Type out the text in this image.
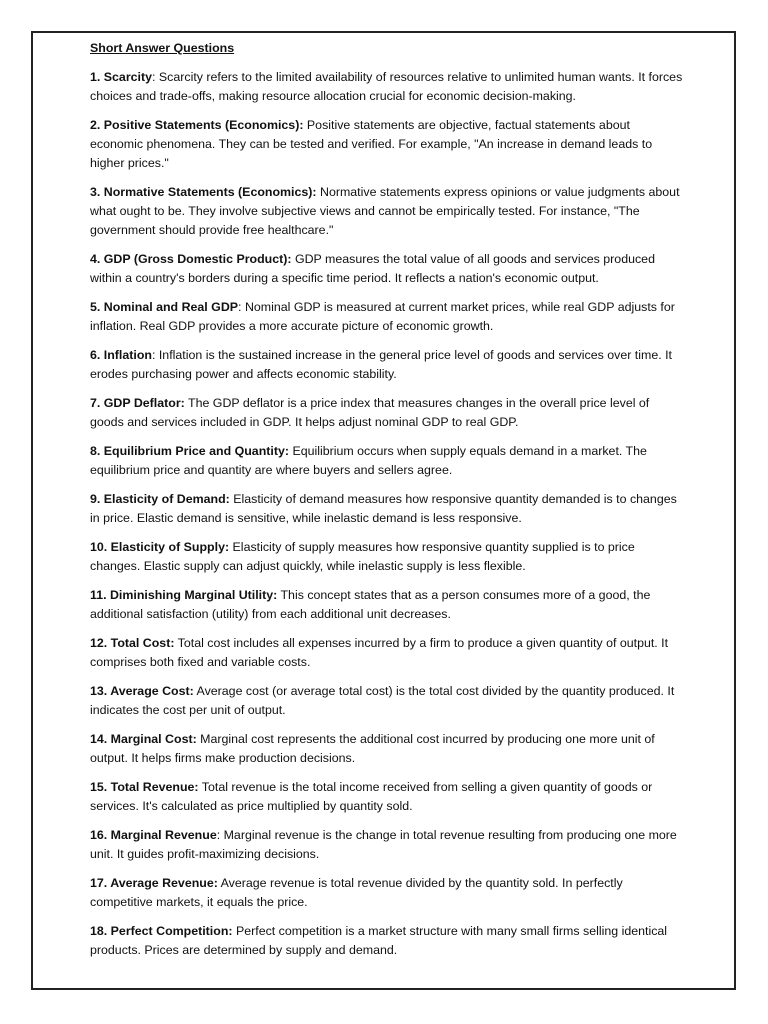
Short Answer Questions

1. Scarcity: Scarcity refers to the limited availability of resources relative to unlimited human wants. It forces choices and trade-offs, making resource allocation crucial for economic decision-making.

2. Positive Statements (Economics): Positive statements are objective, factual statements about economic phenomena. They can be tested and verified. For example, "An increase in demand leads to higher prices."

3. Normative Statements (Economics): Normative statements express opinions or value judgments about what ought to be. They involve subjective views and cannot be empirically tested. For instance, "The government should provide free healthcare."

4. GDP (Gross Domestic Product): GDP measures the total value of all goods and services produced within a country's borders during a specific time period. It reflects a nation's economic output.

5. Nominal and Real GDP: Nominal GDP is measured at current market prices, while real GDP adjusts for inflation. Real GDP provides a more accurate picture of economic growth.

6. Inflation: Inflation is the sustained increase in the general price level of goods and services over time. It erodes purchasing power and affects economic stability.

7. GDP Deflator: The GDP deflator is a price index that measures changes in the overall price level of goods and services included in GDP. It helps adjust nominal GDP to real GDP.

8. Equilibrium Price and Quantity: Equilibrium occurs when supply equals demand in a market. The equilibrium price and quantity are where buyers and sellers agree.

9. Elasticity of Demand: Elasticity of demand measures how responsive quantity demanded is to changes in price. Elastic demand is sensitive, while inelastic demand is less responsive.

10. Elasticity of Supply: Elasticity of supply measures how responsive quantity supplied is to price changes. Elastic supply can adjust quickly, while inelastic supply is less flexible.

11. Diminishing Marginal Utility: This concept states that as a person consumes more of a good, the additional satisfaction (utility) from each additional unit decreases.

12. Total Cost: Total cost includes all expenses incurred by a firm to produce a given quantity of output. It comprises both fixed and variable costs.

13. Average Cost: Average cost (or average total cost) is the total cost divided by the quantity produced. It indicates the cost per unit of output.

14. Marginal Cost: Marginal cost represents the additional cost incurred by producing one more unit of output. It helps firms make production decisions.

15. Total Revenue: Total revenue is the total income received from selling a given quantity of goods or services. It's calculated as price multiplied by quantity sold.

16. Marginal Revenue: Marginal revenue is the change in total revenue resulting from producing one more unit. It guides profit-maximizing decisions.

17. Average Revenue: Average revenue is total revenue divided by the quantity sold. In perfectly competitive markets, it equals the price.

18. Perfect Competition: Perfect competition is a market structure with many small firms selling identical products. Prices are determined by supply and demand.
